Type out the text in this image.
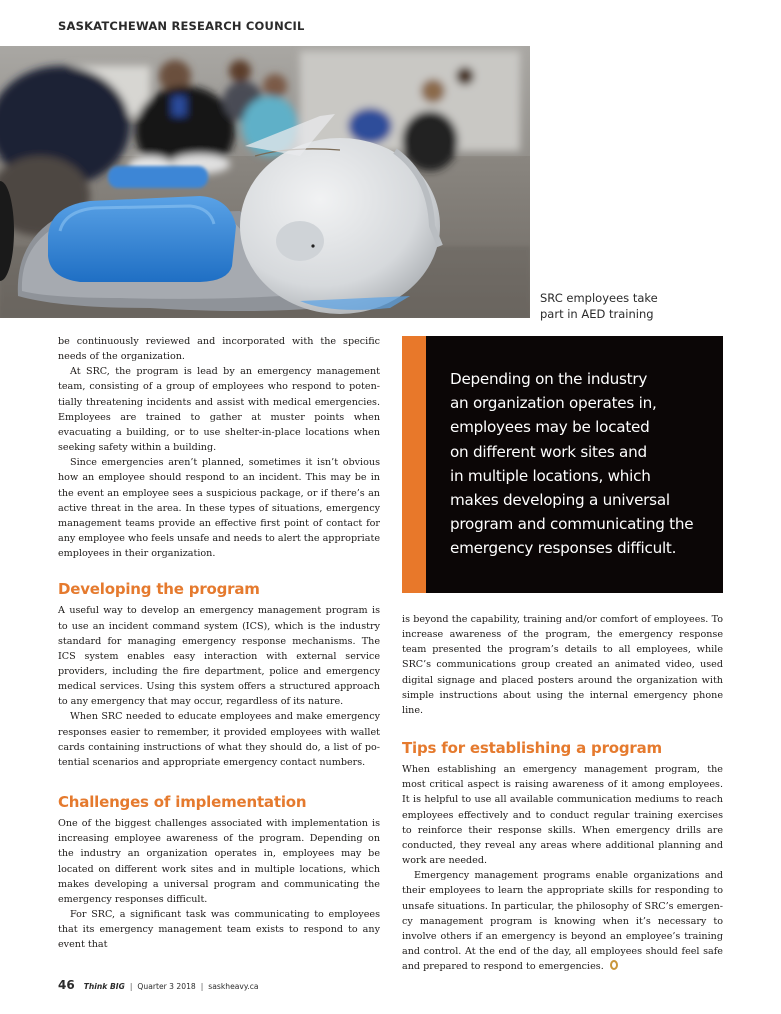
SASKATCHEWAN RESEARCH COUNCIL
SRC employees take
part in AED training

be continuously reviewed and incorporated with the specific needs of the organization.

At SRC, the program is lead by an emergency management team, consisting of a group of employees who respond to potentially threatening incidents and assist with medical emergencies. Employees are trained to gather at muster points when evacuating a building, or to use shelter-in-place locations when seeking safety within a building.

Since emergencies aren’t planned, sometimes it isn’t obvious how an employee should respond to an incident. This may be in the event an employee sees a suspicious package, or if there’s an active threat in the area. In these types of situations, emergency management teams provide an effective first point of contact for any employee who feels unsafe and needs to alert the appropriate employees in their organization.

Developing the program

A useful way to develop an emergency management program is to use an incident command system (ICS), which is the industry standard for managing emergency response mechanisms. The ICS system enables easy interaction with external service providers, including the fire department, police and emergency medical services. Using this system offers a structured approach to any emergency that may occur, regardless of its nature.

When SRC needed to educate employees and make emergency responses easier to remember, it provided employees with wallet cards containing instructions of what they should do, a list of potential scenarios and appropriate emergency contact numbers.

Challenges of implementation

One of the biggest challenges associated with implementation is increasing employee awareness of the program. Depending on the industry an organization operates in, employees may be located on different work sites and in multiple locations, which makes developing a universal program and communicating the emergency responses difficult.

For SRC, a significant task was communicating to employees that its emergency management team exists to respond to any event that

Depending on the industry
an organization operates in,
employees may be located
on different work sites and
in multiple locations, which
makes developing a universal
program and communicating the
emergency responses difficult.

is beyond the capability, training and/or comfort of employees. To increase awareness of the program, the emergency response team presented the program’s details to all employees, while SRC’s communications group created an animated video, used digital signage and placed posters around the organization with simple instructions about using the internal emergency phone line.

Tips for establishing a program

When establishing an emergency management program, the most critical aspect is raising awareness of it among employees. It is helpful to use all available communication mediums to reach employees effectively and to conduct regular training exercises to reinforce their response skills. When emergency drills are conducted, they reveal any areas where additional planning and work are needed.

Emergency management programs enable organizations and their employees to learn the appropriate skills for responding to unsafe situations. In particular, the philosophy of SRC’s emergency management program is knowing when it’s necessary to involve others if an emergency is beyond an employee’s training and control. At the end of the day, all employees should feel safe and prepared to respond to emergencies.

46 Think BIG | Quarter 3 2018 | saskheavy.ca
